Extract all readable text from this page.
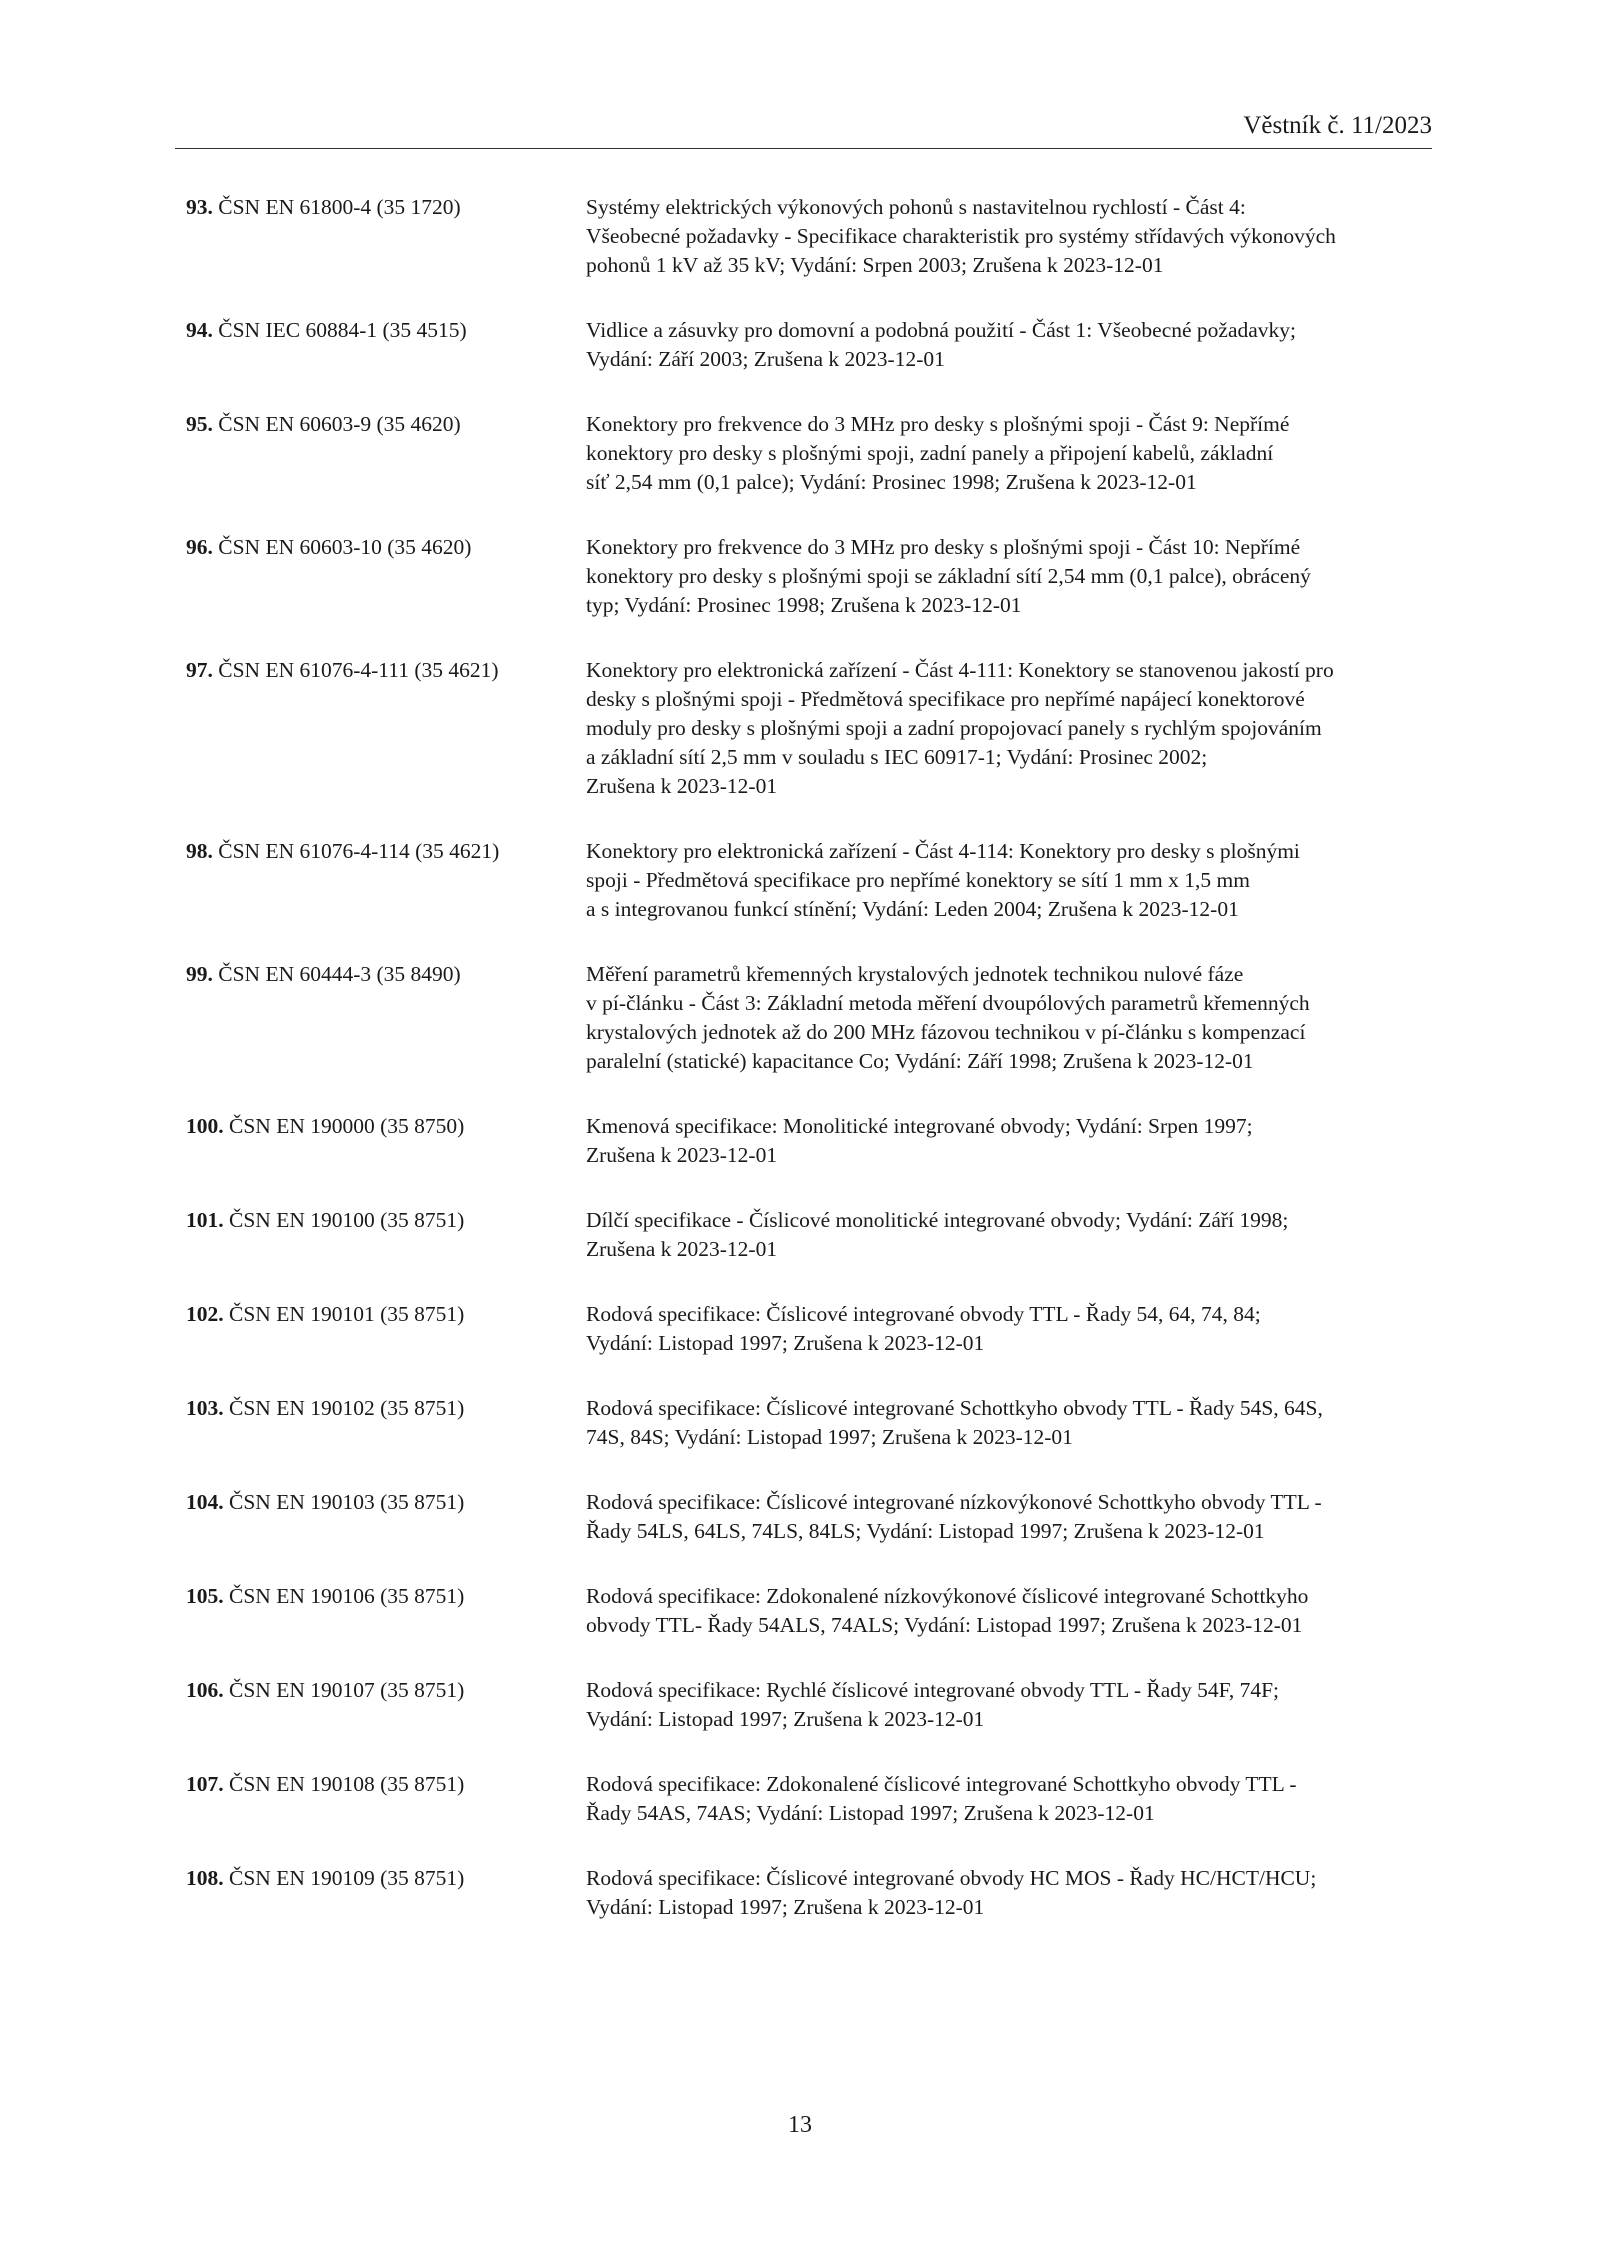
Věstník č. 11/2023
93. ČSN EN 61800-4 (35 1720)	Systémy elektrických výkonových pohonů s nastavitelnou rychlostí - Část 4:
Všeobecné požadavky - Specifikace charakteristik pro systémy střídavých výkonových
pohonů 1 kV až 35 kV; Vydání: Srpen 2003; Zrušena k 2023-12-01
94. ČSN IEC 60884-1 (35 4515)	Vidlice a zásuvky pro domovní a podobná použití - Část 1: Všeobecné požadavky;
Vydání: Září 2003; Zrušena k 2023-12-01
95. ČSN EN 60603-9 (35 4620)	Konektory pro frekvence do 3 MHz pro desky s plošnými spoji - Část 9: Nepřímé
konektory pro desky s plošnými spoji, zadní panely a připojení kabelů, základní
síť 2,54 mm (0,1 palce); Vydání: Prosinec 1998; Zrušena k 2023-12-01
96. ČSN EN 60603-10 (35 4620)	Konektory pro frekvence do 3 MHz pro desky s plošnými spoji - Část 10: Nepřímé
konektory pro desky s plošnými spoji se základní sítí 2,54 mm (0,1 palce), obrácený
typ; Vydání: Prosinec 1998; Zrušena k 2023-12-01
97. ČSN EN 61076-4-111 (35 4621)	Konektory pro elektronická zařízení - Část 4-111: Konektory se stanovenou jakostí pro
desky s plošnými spoji - Předmětová specifikace pro nepřímé napájecí konektorové
moduly pro desky s plošnými spoji a zadní propojovací panely s rychlým spojováním
a základní sítí 2,5 mm v souladu s IEC 60917-1; Vydání: Prosinec 2002;
Zrušena k 2023-12-01
98. ČSN EN 61076-4-114 (35 4621)	Konektory pro elektronická zařízení - Část 4-114: Konektory pro desky s plošnými
spoji - Předmětová specifikace pro nepřímé konektory se sítí 1 mm x 1,5 mm
a s integrovanou funkcí stínění; Vydání: Leden 2004; Zrušena k 2023-12-01
99. ČSN EN 60444-3 (35 8490)	Měření parametrů křemenných krystalových jednotek technikou nulové fáze
v pí-článku - Část 3: Základní metoda měření dvoupólových parametrů křemenných
krystalových jednotek až do 200 MHz fázovou technikou v pí-článku s kompenzací
paralelní (statické) kapacitance Co; Vydání: Září 1998; Zrušena k 2023-12-01
100. ČSN EN 190000 (35 8750)	Kmenová specifikace: Monolitické integrované obvody; Vydání: Srpen 1997;
Zrušena k 2023-12-01
101. ČSN EN 190100 (35 8751)	Dílčí specifikace - Číslicové monolitické integrované obvody; Vydání: Září 1998;
Zrušena k 2023-12-01
102. ČSN EN 190101 (35 8751)	Rodová specifikace: Číslicové integrované obvody TTL - Řady 54, 64, 74, 84;
Vydání: Listopad 1997; Zrušena k 2023-12-01
103. ČSN EN 190102 (35 8751)	Rodová specifikace: Číslicové integrované Schottkyho obvody TTL - Řady 54S, 64S,
74S, 84S; Vydání: Listopad 1997; Zrušena k 2023-12-01
104. ČSN EN 190103 (35 8751)	Rodová specifikace: Číslicové integrované nízkovýkonové Schottkyho obvody TTL -
Řady 54LS, 64LS, 74LS, 84LS; Vydání: Listopad 1997; Zrušena k 2023-12-01
105. ČSN EN 190106 (35 8751)	Rodová specifikace: Zdokonalené nízkovýkonové číslicové integrované Schottkyho
obvody TTL- Řady 54ALS, 74ALS; Vydání: Listopad 1997; Zrušena k 2023-12-01
106. ČSN EN 190107 (35 8751)	Rodová specifikace: Rychlé číslicové integrované obvody TTL - Řady 54F, 74F;
Vydání: Listopad 1997; Zrušena k 2023-12-01
107. ČSN EN 190108 (35 8751)	Rodová specifikace: Zdokonalené číslicové integrované Schottkyho obvody TTL -
Řady 54AS, 74AS; Vydání: Listopad 1997; Zrušena k 2023-12-01
108. ČSN EN 190109 (35 8751)	Rodová specifikace: Číslicové integrované obvody HC MOS - Řady HC/HCT/HCU;
Vydání: Listopad 1997; Zrušena k 2023-12-01
13
